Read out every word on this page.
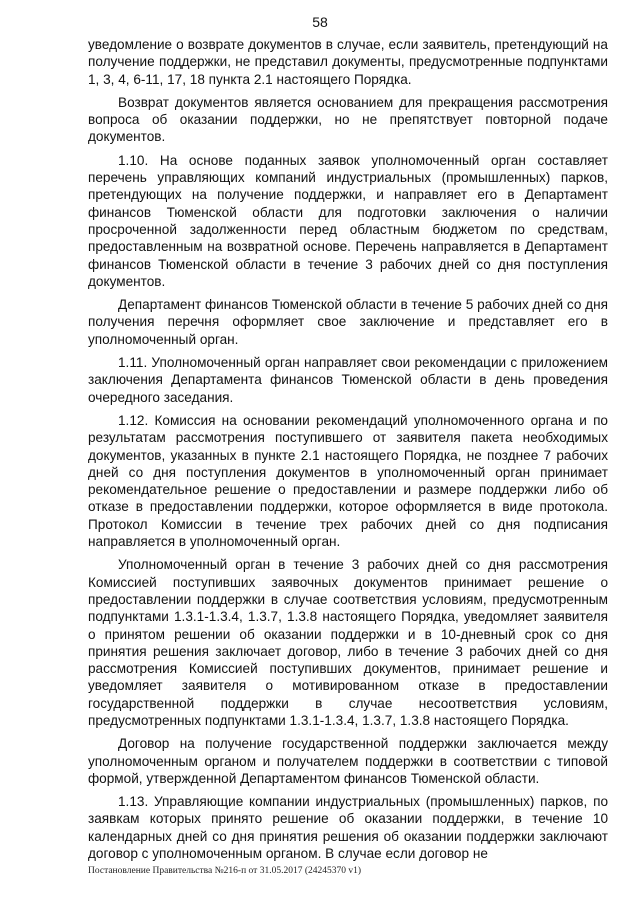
58

уведомление о возврате документов в случае, если заявитель, претендующий на получение поддержки, не представил документы, предусмотренные подпунктами 1, 3, 4, 6-11, 17, 18 пункта 2.1 настоящего Порядка.

Возврат документов является основанием для прекращения рассмотрения вопроса об оказании поддержки, но не препятствует повторной подаче документов.

1.10. На основе поданных заявок уполномоченный орган составляет перечень управляющих компаний индустриальных (промышленных) парков, претендующих на получение поддержки, и направляет его в Департамент финансов Тюменской области для подготовки заключения о наличии просроченной задолженности перед областным бюджетом по средствам, предоставленным на возвратной основе. Перечень направляется в Департамент финансов Тюменской области в течение 3 рабочих дней со дня поступления документов.

Департамент финансов Тюменской области в течение 5 рабочих дней со дня получения перечня оформляет свое заключение и представляет его в уполномоченный орган.

1.11. Уполномоченный орган направляет свои рекомендации с приложением заключения Департамента финансов Тюменской области в день проведения очередного заседания.

1.12. Комиссия на основании рекомендаций уполномоченного органа и по результатам рассмотрения поступившего от заявителя пакета необходимых документов, указанных в пункте 2.1 настоящего Порядка, не позднее 7 рабочих дней со дня поступления документов в уполномоченный орган принимает рекомендательное решение о предоставлении и размере поддержки либо об отказе в предоставлении поддержки, которое оформляется в виде протокола. Протокол Комиссии в течение трех рабочих дней со дня подписания направляется в уполномоченный орган.

Уполномоченный орган в течение 3 рабочих дней со дня рассмотрения Комиссией поступивших заявочных документов принимает решение о предоставлении поддержки в случае соответствия условиям, предусмотренным подпунктами 1.3.1-1.3.4, 1.3.7, 1.3.8 настоящего Порядка, уведомляет заявителя о принятом решении об оказании поддержки и в 10-дневный срок со дня принятия решения заключает договор, либо в течение 3 рабочих дней со дня рассмотрения Комиссией поступивших документов, принимает решение и уведомляет заявителя о мотивированном отказе в предоставлении государственной поддержки в случае несоответствия условиям, предусмотренных подпунктами 1.3.1-1.3.4, 1.3.7, 1.3.8 настоящего Порядка.

Договор на получение государственной поддержки заключается между уполномоченным органом и получателем поддержки в соответствии с типовой формой, утвержденной Департаментом финансов Тюменской области.

1.13. Управляющие компании индустриальных (промышленных) парков, по заявкам которых принято решение об оказании поддержки, в течение 10 календарных дней со дня принятия решения об оказании поддержки заключают договор с уполномоченным органом. В случае если договор не

Постановление Правительства №216-п от 31.05.2017 (24245370 v1)
